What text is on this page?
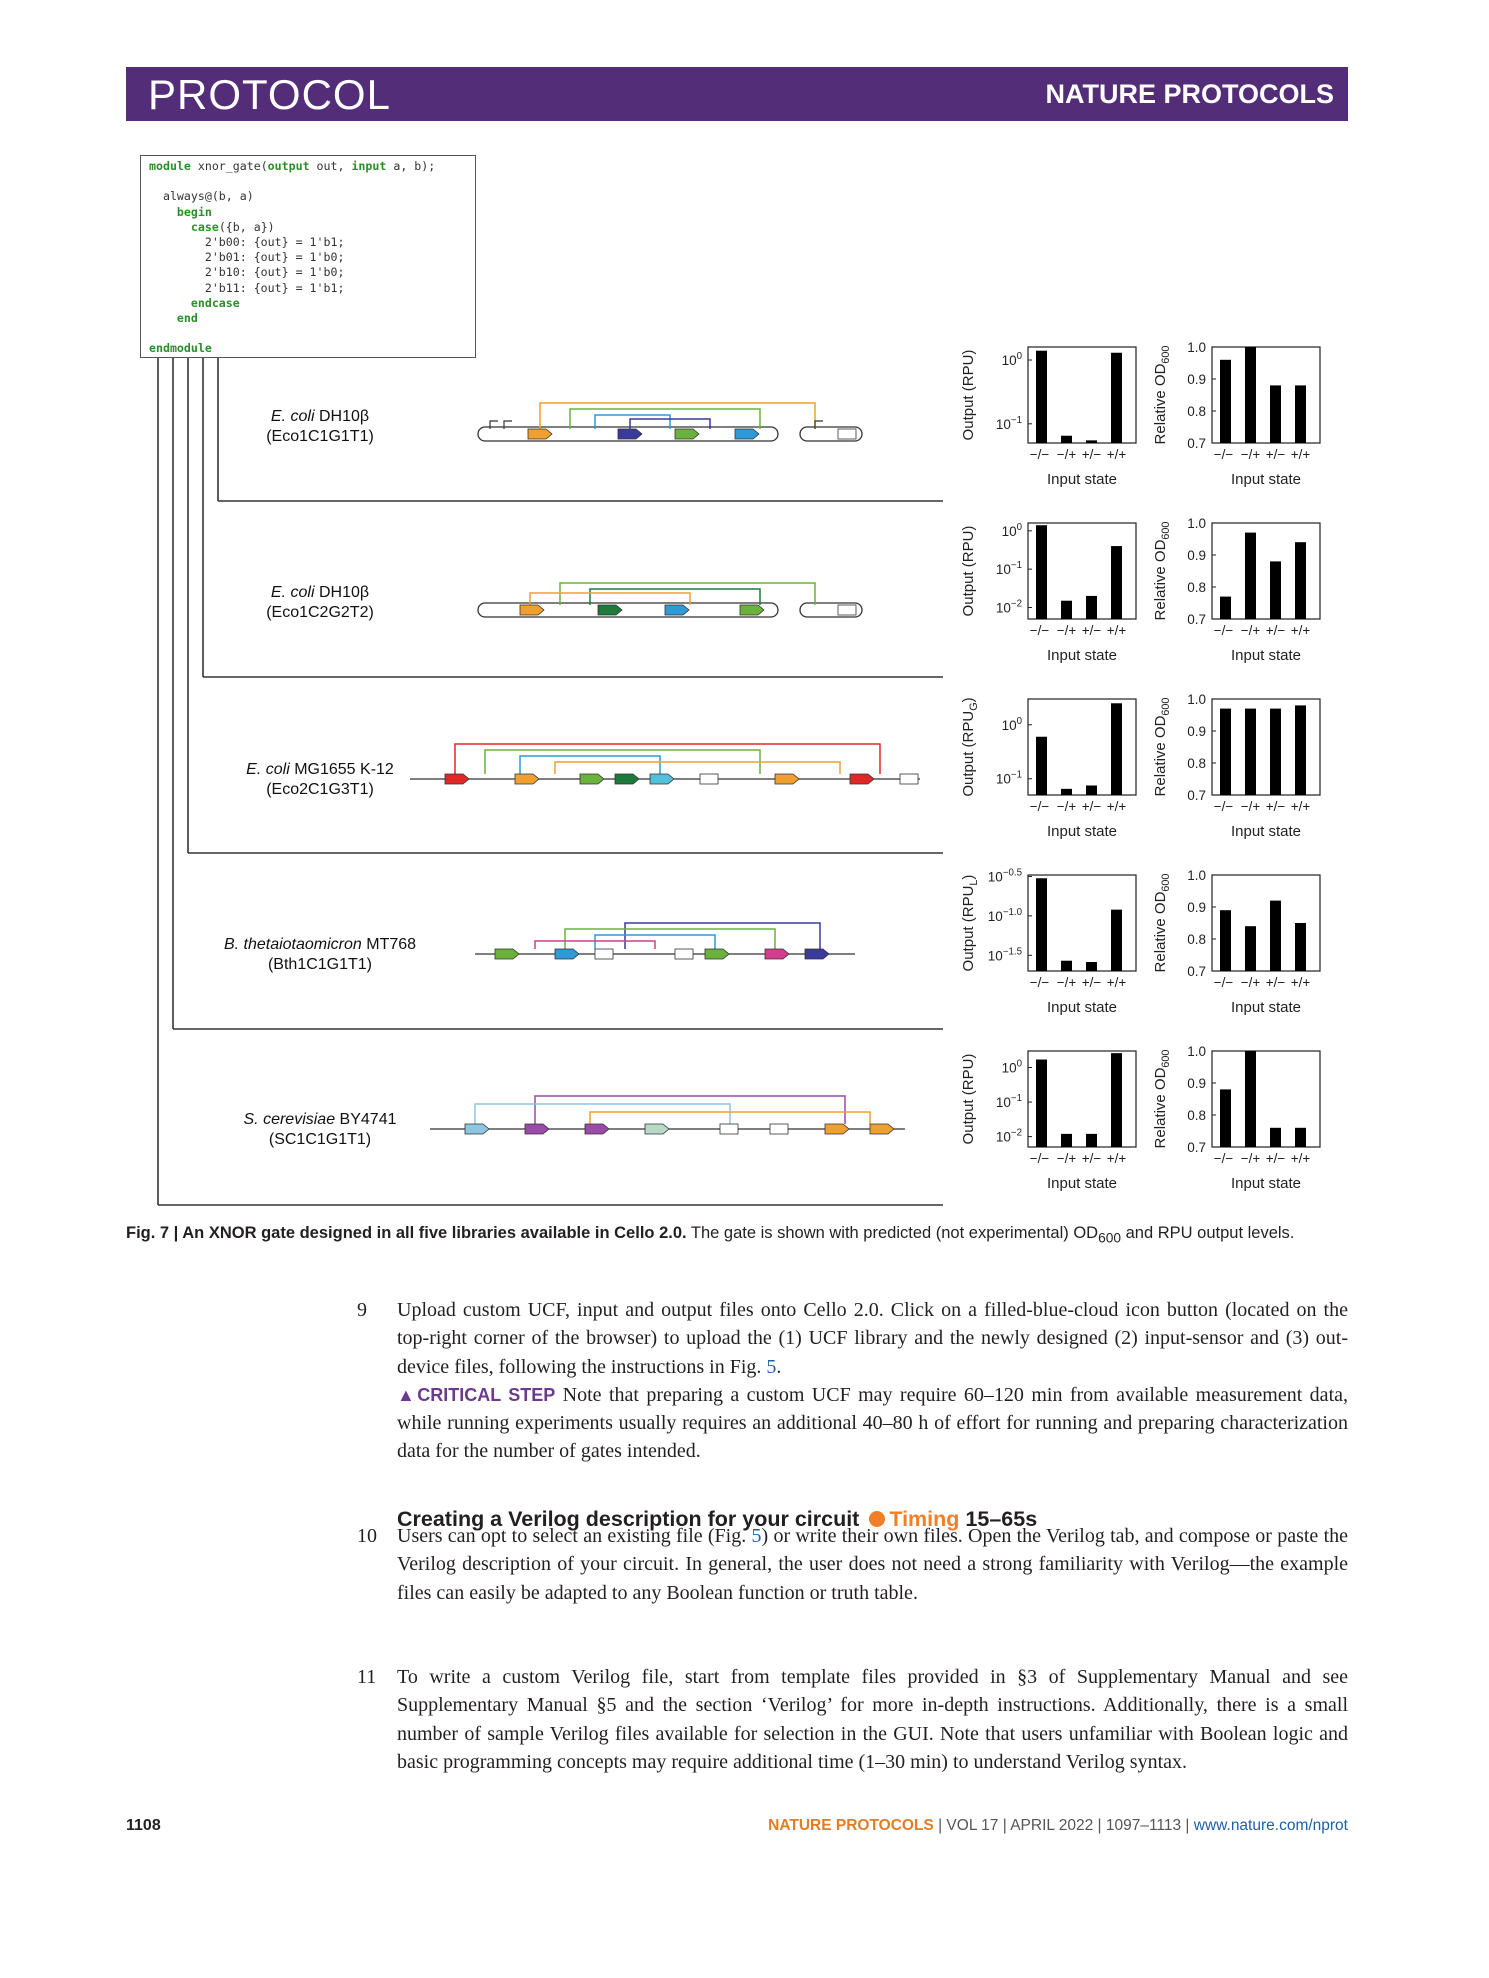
PROTOCOL	NATURE PROTOCOLS
module xnor_gate(output out, input a, b);

always@(b, a)
begin
case({b, a})
2'b00: {out} = 1'b1;
2'b01: {out} = 1'b0;
2'b10: {out} = 1'b0;
2'b11: {out} = 1'b1;
endcase
end

endmodule

E. coli DH10β
(Eco1C1G1T1)
E. coli DH10β
(Eco1C2G2T2)
E. coli MG1655 K-12
(Eco2C1G3T1)
B. thetaiotaomicron MT768
(Bth1C1G1T1)
S. cerevisiae BY4741
(SC1C1G1T1)
$10^0$
$10^{-1}$
−/− −/+ +/− +/+
Input state
Output (RPU)
1.0
0.9
0.8
0.7
−/− −/+ +/− +/+
Input state
Relative $OD_{600}$
$10^0$
$10^{-1}$
$10^{-2}$
−/− −/+ +/− +/+
Input state
Output (RPU)
1.0
0.9
0.8
0.7
−/− −/+ +/− +/+
Input state
Relative $OD_{600}$
$10^0$
$10^{-1}$
−/− −/+ +/− +/+
Input state
Output $(RPU_G)$	1.0
0.9
0.8
0.7
−/− −/+ +/− +/+
Input state
Relative $OD_{600}$
$10^{-0.5}$
$10^{-1.0}$
$10^{-1.5}$
−/− −/+ +/− +/+
Input state
Output $(RPU_L)$	1.0
0.9
0.8
0.7
−/− −/+ +/− +/+
Input state
Relative $OD_{600}$
$10^0$
$10^{-1}$
$10^{-2}$
−/− −/+ +/− +/+
Input state
Output (RPU)
1.0
0.9
0.8
0.7
−/− −/+ +/− +/+
Input state
Relative $OD_{600}$
Fig. 7 | An XNOR gate designed in all five libraries available in Cello 2.0. The gate is shown with predicted (not experimental) $OD_{600}$ and RPU output levels.
9 Upload custom UCF, input and output files onto Cello 2.0. Click on a filled-blue-cloud icon button (located on the top-right corner of the browser) to upload the (1) UCF library and the newly designed (2) input-sensor and (3) out-device files, following the instructions in Fig. 5.
▲CRITICAL STEP Note that preparing a custom UCF may require 60–120 min from available measurement data, while running experiments usually requires an additional 40–80 h of effort for running and preparing characterization data for the number of gates intended.
Creating a Verilog description for your circuit Timing 15–65s
10 Users can opt to select an existing file (Fig. 5) or write their own files. Open the Verilog tab, and compose or paste the Verilog description of your circuit. In general, the user does not need a strong familiarity with Verilog—the example files can easily be adapted to any Boolean function or truth table.
11 To write a custom Verilog file, start from template files provided in §3 of Supplementary Manual and see Supplementary Manual §5 and the section ‘Verilog’ for more in-depth instructions. Additionally, there is a small number of sample Verilog files available for selection in the GUI. Note that users unfamiliar with Boolean logic and basic programming concepts may require additional time (1–30 min) to understand Verilog syntax.
1108	NATURE PROTOCOLS | VOL 17 | APRIL 2022 | 1097–1113 | www.nature.com/nprot
